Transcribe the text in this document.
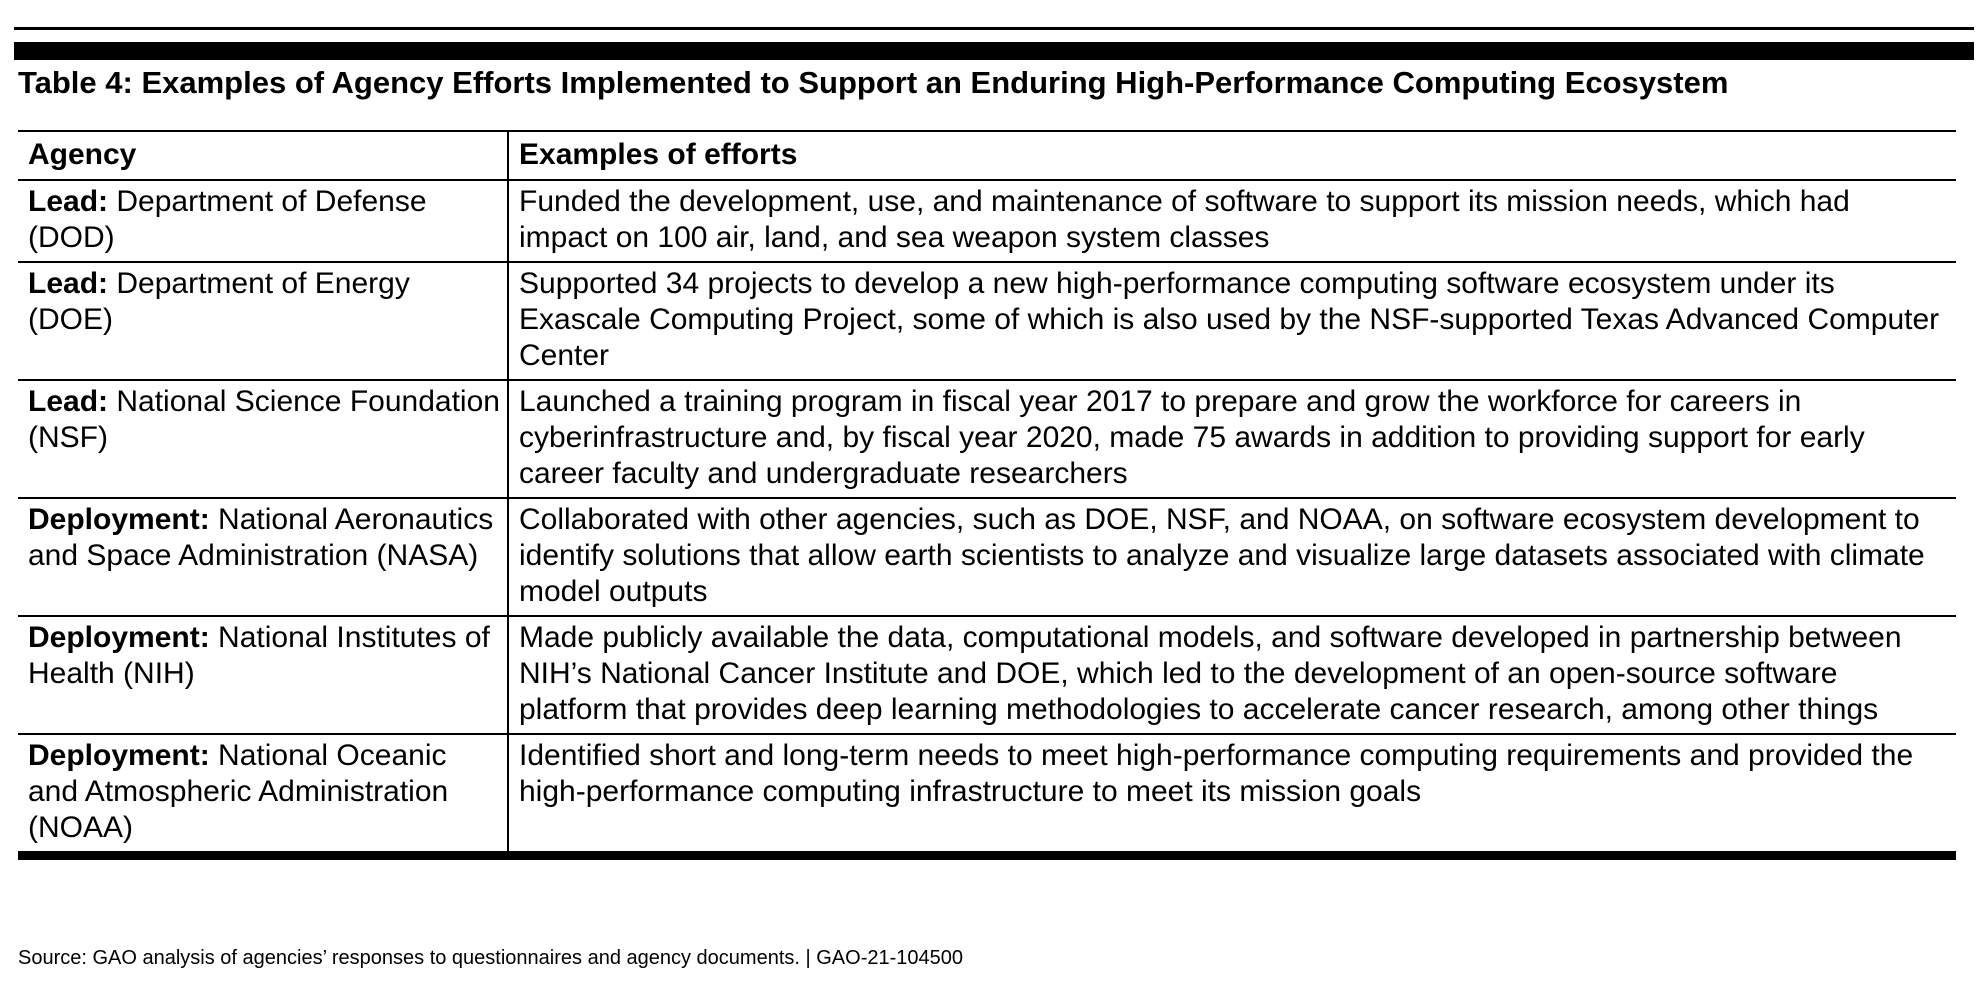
Table 4: Examples of Agency Efforts Implemented to Support an Enduring High-Performance Computing Ecosystem
Agency	Examples of efforts
Lead: Department of Defense (DOD)	Funded the development, use, and maintenance of software to support its mission needs, which had impact on 100 air, land, and sea weapon system classes
Lead: Department of Energy (DOE)	Supported 34 projects to develop a new high-performance computing software ecosystem under its Exascale Computing Project, some of which is also used by the NSF-supported Texas Advanced Computer Center
Lead: National Science Foundation (NSF)	Launched a training program in fiscal year 2017 to prepare and grow the workforce for careers in cyberinfrastructure and, by fiscal year 2020, made 75 awards in addition to providing support for early career faculty and undergraduate researchers
Deployment: National Aeronautics and Space Administration (NASA)	Collaborated with other agencies, such as DOE, NSF, and NOAA, on software ecosystem development to identify solutions that allow earth scientists to analyze and visualize large datasets associated with climate model outputs
Deployment: National Institutes of Health (NIH)	Made publicly available the data, computational models, and software developed in partnership between NIH’s National Cancer Institute and DOE, which led to the development of an open-source software platform that provides deep learning methodologies to accelerate cancer research, among other things
Deployment: National Oceanic and Atmospheric Administration (NOAA)	Identified short and long-term needs to meet high-performance computing requirements and provided the high-performance computing infrastructure to meet its mission goals
Source: GAO analysis of agencies’ responses to questionnaires and agency documents. | GAO-21-104500
